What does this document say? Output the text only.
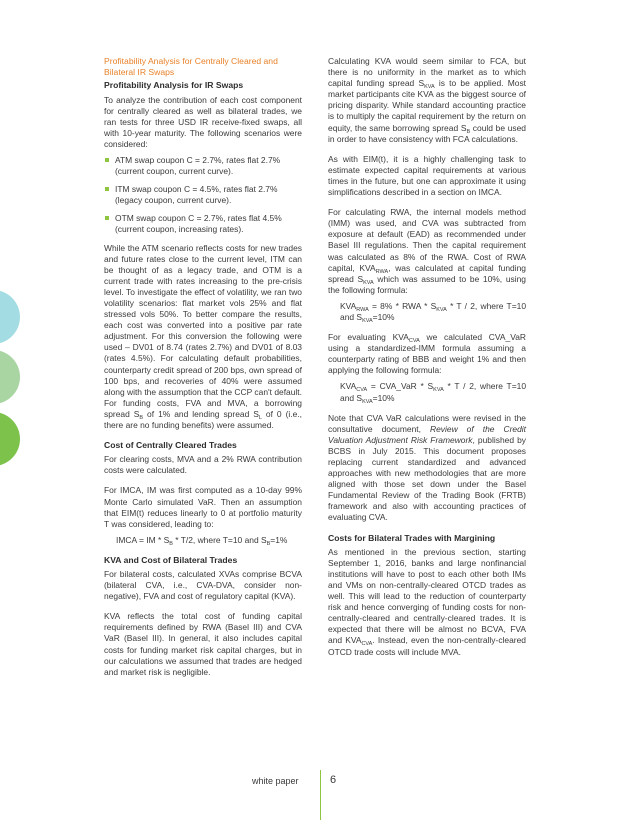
Profitability Analysis for Centrally Cleared and Bilateral IR Swaps
Profitability Analysis for IR Swaps

To analyze the contribution of each cost component for centrally cleared as well as bilateral trades, we ran tests for three USD IR receive-fixed swaps, all with 10-year maturity. The following scenarios were considered:

ATM swap coupon C = 2.7%, rates flat 2.7% (current coupon, current curve).
ITM swap coupon C = 4.5%, rates flat 2.7% (legacy coupon, current curve).
OTM swap coupon C = 2.7%, rates flat 4.5% (current coupon, increasing rates).

While the ATM scenario reflects costs for new trades and future rates close to the current level, ITM can be thought of as a legacy trade, and OTM is a current trade with rates increasing to the pre-crisis level. To investigate the effect of volatility, we ran two volatility scenarios: flat market vols 25% and flat stressed vols 50%. To better compare the results, each cost was converted into a positive par rate adjustment. For this conversion the following were used – DV01 of 8.74 (rates 2.7%) and DV01 of 8.03 (rates 4.5%). For calculating default probabilities, counterparty credit spread of 200 bps, own spread of 100 bps, and recoveries of 40% were assumed along with the assumption that the CCP can't default. For funding costs, FVA and MVA, a borrowing spread $S_B$ of 1% and lending spread $S_L$ of 0 (i.e., there are no funding benefits) were assumed.

Cost of Centrally Cleared Trades

For clearing costs, MVA and a 2% RWA contribution costs were calculated.

For IMCA, IM was first computed as a 10-day 99% Monte Carlo simulated VaR. Then an assumption that EIM(t) reduces linearly to 0 at portfolio maturity T was considered, leading to:

IMCA = IM * $S_B * T/2$, where T=10 and $S_B=1\%$

KVA and Cost of Bilateral Trades

For bilateral costs, calculated XVAs comprise BCVA (bilateral CVA, i.e., CVA-DVA, consider non-negative), FVA and cost of regulatory capital (KVA).

KVA reflects the total cost of funding capital requirements defined by RWA (Basel III) and CVA VaR (Basel III). In general, it also includes capital costs for funding market risk capital charges, but in our calculations we assumed that trades are hedged and market risk is negligible.

Calculating KVA would seem similar to FCA, but there is no uniformity in the market as to which capital funding spread $S_{KVA}$ is to be applied. Most market participants cite KVA as the biggest source of pricing disparity. While standard accounting practice is to multiply the capital requirement by the return on equity, the same borrowing spread $S_B$ could be used in order to have consistency with FCA calculations.

As with EIM(t), it is a highly challenging task to estimate expected capital requirements at various times in the future, but one can approximate it using simplifications described in a section on IMCA.

For calculating RWA, the internal models method (IMM) was used, and CVA was subtracted from exposure at default (EAD) as recommended under Basel III regulations. Then the capital requirement was calculated as 8% of the RWA. Cost of RWA capital, $KVA_{RWA}$, was calculated at capital funding spread $S_{KVA}$ which was assumed to be 10%, using the following formula:

$KVA_{RWA} = 8\%$ * RWA * $S_{KVA}$ * T / 2, where T=10 and $S_{KVA}=10\%$

For evaluating $KVA_{CVA}$ we calculated CVA_VaR using a standardized-IMM formula assuming a counterparty rating of BBB and weight 1% and then applying the following formula:

$KVA_{CVA}$ = CVA_VaR * $S_{KVA}$ * T / 2, where T=10 and $S_{KVA}=10\%$

Note that CVA VaR calculations were revised in the consultative document, Review of the Credit Valuation Adjustment Risk Framework, published by BCBS in July 2015. This document proposes replacing current standardized and advanced approaches with new methodologies that are more aligned with those set down under the Basel Fundamental Review of the Trading Book (FRTB) framework and also with accounting practices of evaluating CVA.

Costs for Bilateral Trades with Margining

As mentioned in the previous section, starting September 1, 2016, banks and large nonfinancial institutions will have to post to each other both IMs and VMs on non-centrally-cleared OTCD trades as well. This will lead to the reduction of counterparty risk and hence converging of funding costs for non-centrally-cleared and centrally-cleared trades. It is expected that there will be almost no BCVA, FVA and $KVA_{CVA}$. Instead, even the non-centrally-cleared OTCD trade costs will include MVA.

white paper	6
